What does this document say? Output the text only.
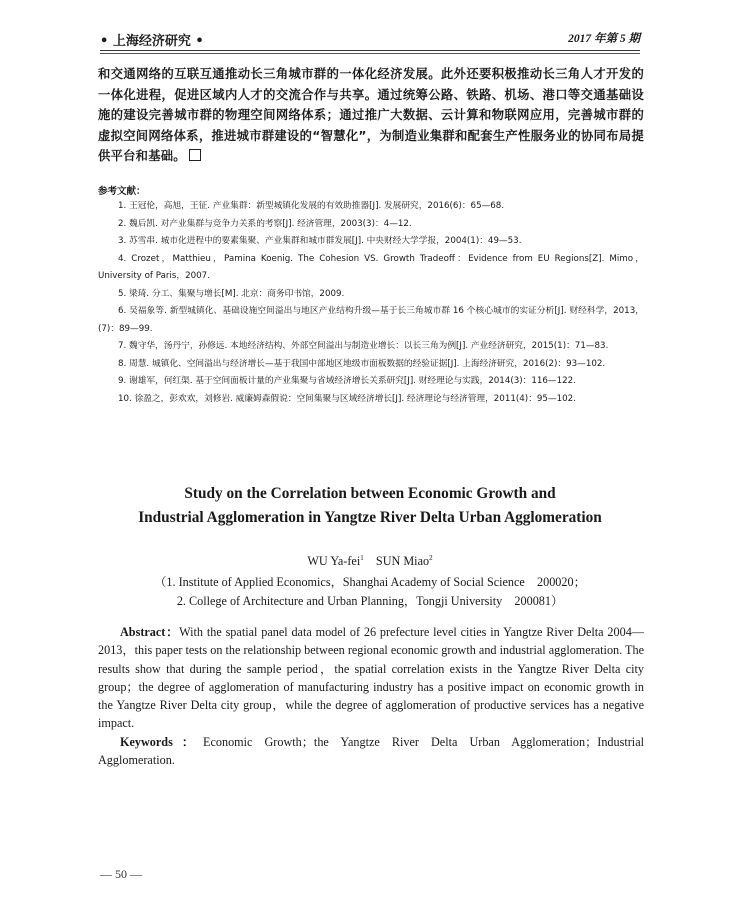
• 上海经济研究 •	2017 年第 5 期
和交通网络的互联互通推动长三角城市群的一体化经济发展。此外还要积极推动长三角人才开发的一体化进程，促进区域内人才的交流合作与共享。通过统筹公路、铁路、机场、港口等交通基础设施的建设完善城市群的物理空间网络体系；通过推广大数据、云计算和物联网应用，完善城市群的虚拟空间网络体系，推进城市群建设的“智慧化”，为制造业集群和配套生产性服务业的协同布局提供平台和基础。
参考文献：
1. 王冠伦，高旭，王征. 产业集群：新型城镇化发展的有效助推器[J]. 发展研究，2016(6)：65—68.
2. 魏后凯. 对产业集群与竞争力关系的考察[J]. 经济管理，2003(3)：4—12.
3. 苏雪串. 城市化进程中的要素集聚、产业集群和城市群发展[J]. 中央财经大学学报，2004(1)：49—53.
4. Crozet，Matthieu，Pamina Koenig. The Cohesion VS. Growth Tradeoff：Evidence from EU Regions[Z]. Mimo，University of Paris，2007.
5. 梁琦. 分工、集聚与增长[M]. 北京：商务印书馆，2009.
6. 吴福象等. 新型城镇化、基础设施空间溢出与地区产业结构升级—基于长三角城市群 16 个核心城市的实证分析[J]. 财经科学，2013，(7)：89—99.
7. 魏守华，汤丹宁，孙修远. 本地经济结构、外部空间溢出与制造业增长：以长三角为例[J]. 产业经济研究，2015(1)：71—83.
8. 周慧. 城镇化、空间溢出与经济增长—基于我国中部地区地级市面板数据的经验证据[J]. 上海经济研究，2016(2)：93—102.
9. 谢雄军，何红渠. 基于空间面板计量的产业集聚与省域经济增长关系研究[J]. 财经理论与实践，2014(3)：116—122.
10. 徐盈之，彭欢欢，刘修岩. 威廉姆森假说：空间集聚与区域经济增长[J]. 经济理论与经济管理，2011(4)：95—102.
Study on the Correlation between Economic Growth and
Industrial Agglomeration in Yangtze River Delta Urban Agglomeration
WU Ya-fei$^1$ SUN Miao$^2$
（1. Institute of Applied Economics，Shanghai Academy of Social Science　200020；
2. College of Architecture and Urban Planning，Tongji University　200081）
Abstract：With the spatial panel data model of 26 prefecture level cities in Yangtze River Delta 2004—2013，this paper tests on the relationship between regional economic growth and industrial agglomeration. The results show that during the sample period，the spatial correlation exists in the Yangtze River Delta city group；the degree of agglomeration of manufacturing industry has a positive impact on economic growth in the Yangtze River Delta city group，while the degree of agglomeration of productive services has a negative impact.
Keywords：Economic Growth；the Yangtze River Delta Urban Agglomeration；Industrial Agglomeration.
— 50 —
